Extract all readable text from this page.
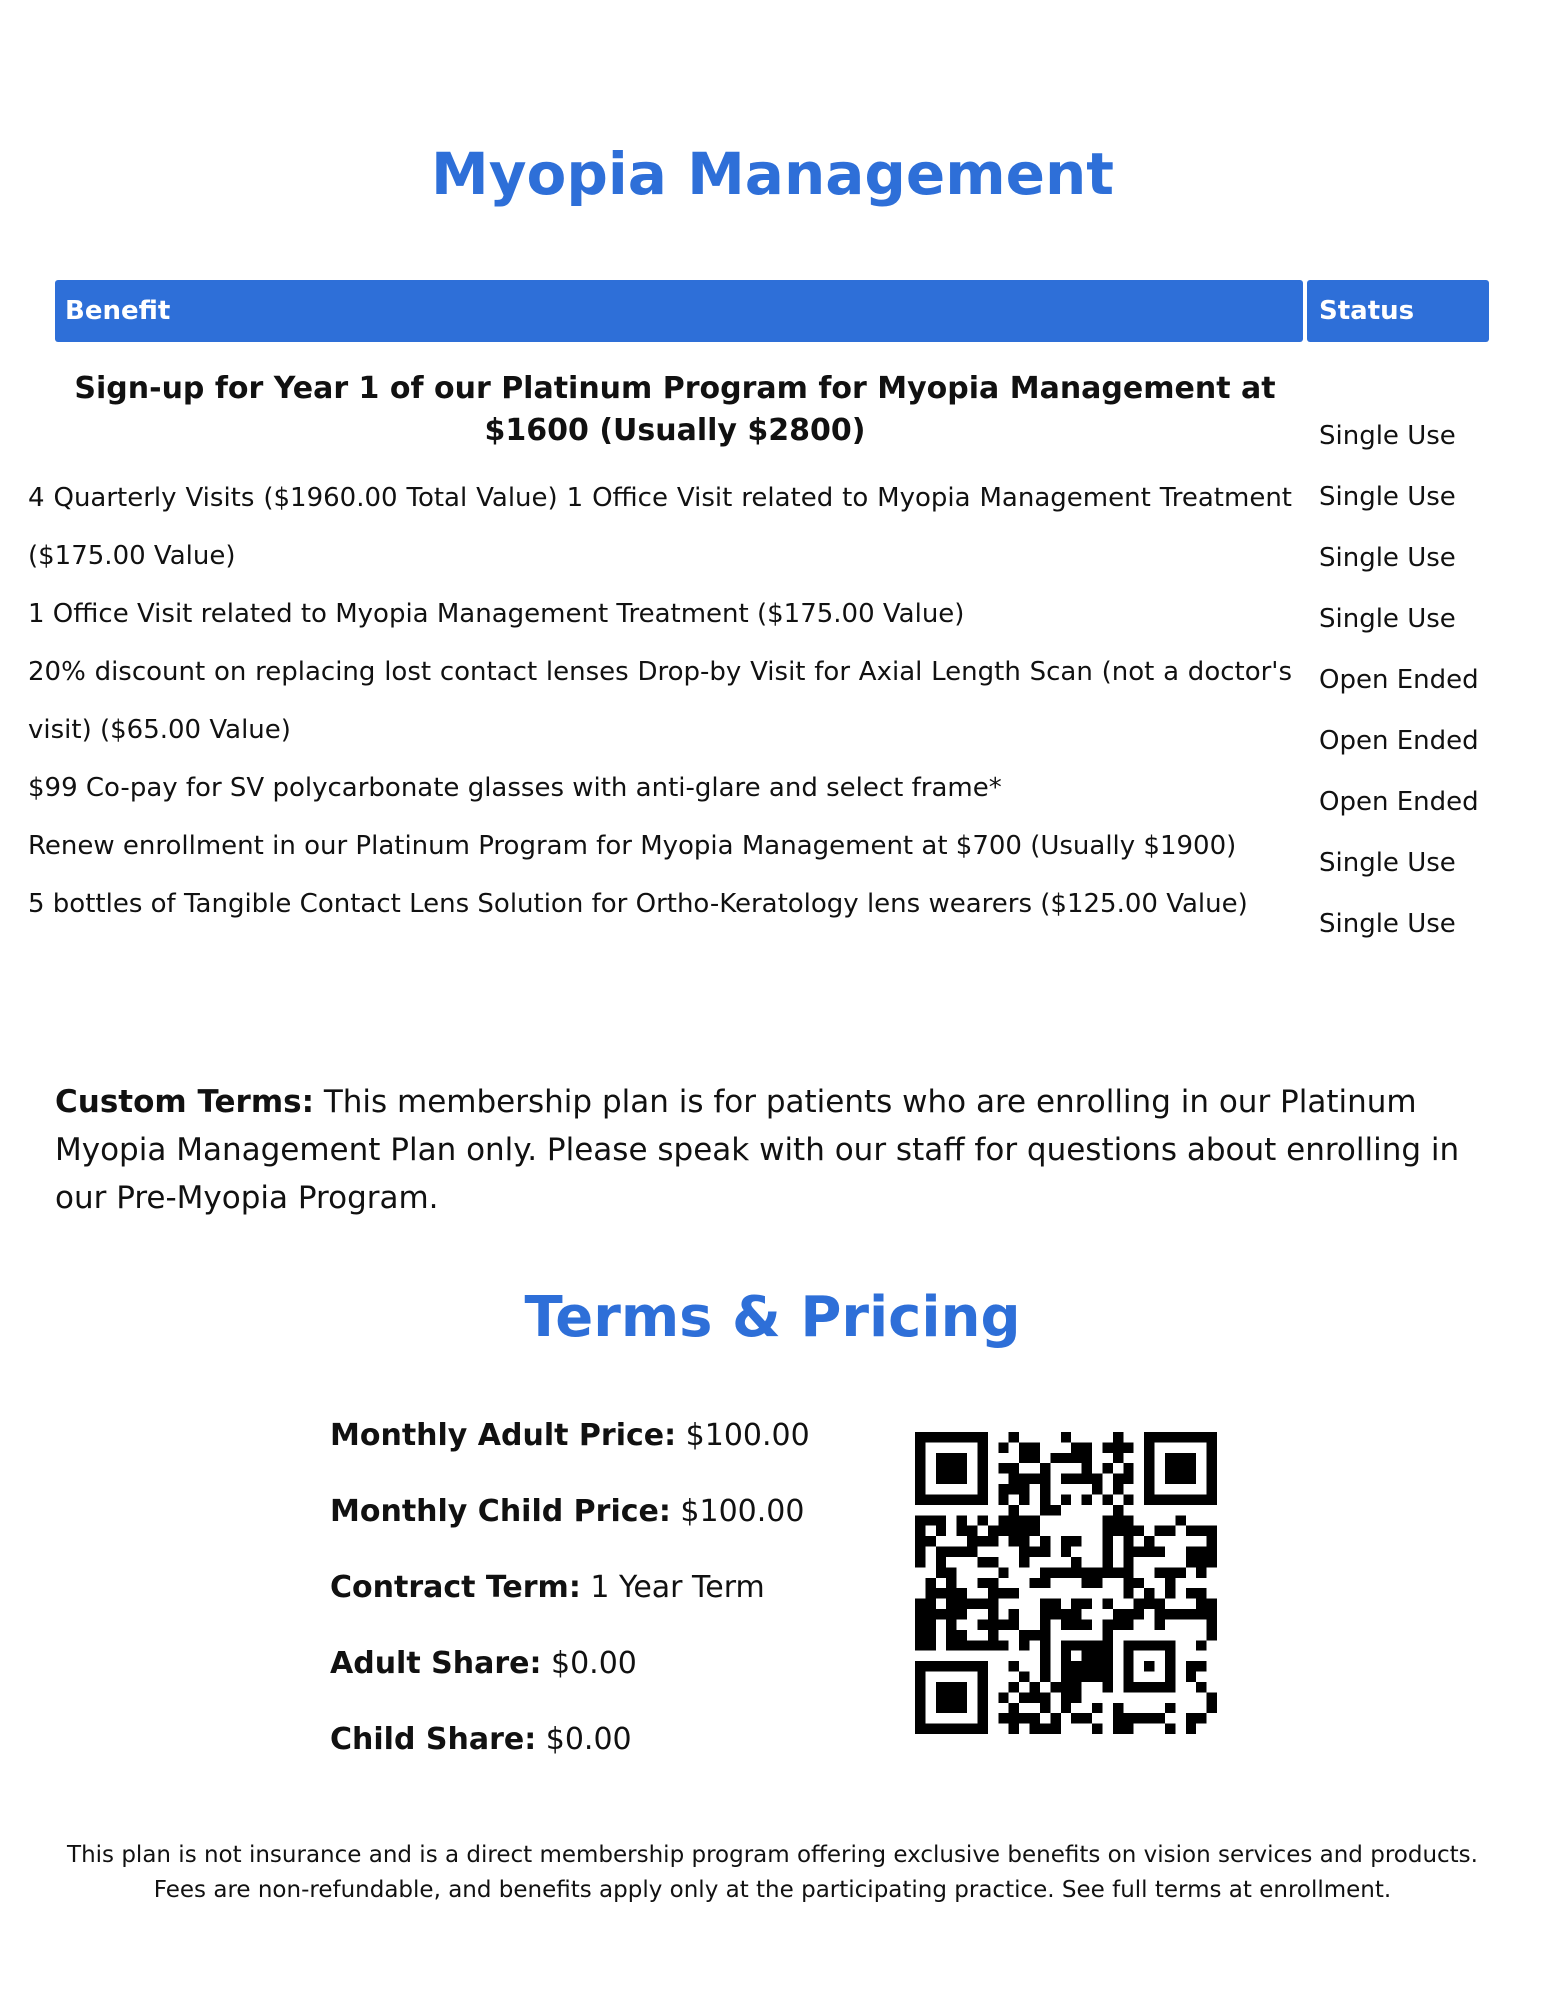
Myopia Management
Benefit	Status
Sign-up for Year 1 of our Platinum Program for Myopia Management at $1600 (Usually $2800)
4 Quarterly Visits ($1960.00 Total Value) 1 Office Visit related to Myopia Management Treatment
($175.00 Value)
1 Office Visit related to Myopia Management Treatment ($175.00 Value)
20% discount on replacing lost contact lenses Drop-by Visit for Axial Length Scan (not a doctor's
visit) ($65.00 Value)
$99 Co-pay for SV polycarbonate glasses with anti-glare and select frame*
Renew enrollment in our Platinum Program for Myopia Management at $700 (Usually $1900)
5 bottles of Tangible Contact Lens Solution for Ortho-Keratology lens wearers ($125.00 Value)
Single Use
Single Use
Single Use
Single Use
Open Ended
Open Ended
Open Ended
Single Use
Single Use
Custom Terms: This membership plan is for patients who are enrolling in our Platinum Myopia Management Plan only. Please speak with our staff for questions about enrolling in our Pre-Myopia Program.
Terms & Pricing
Monthly Adult Price: $100.00
Monthly Child Price: $100.00
Contract Term: 1 Year Term
Adult Share: $0.00
Child Share: $0.00
This plan is not insurance and is a direct membership program offering exclusive benefits on vision services and products.
Fees are non-refundable, and benefits apply only at the participating practice. See full terms at enrollment.
